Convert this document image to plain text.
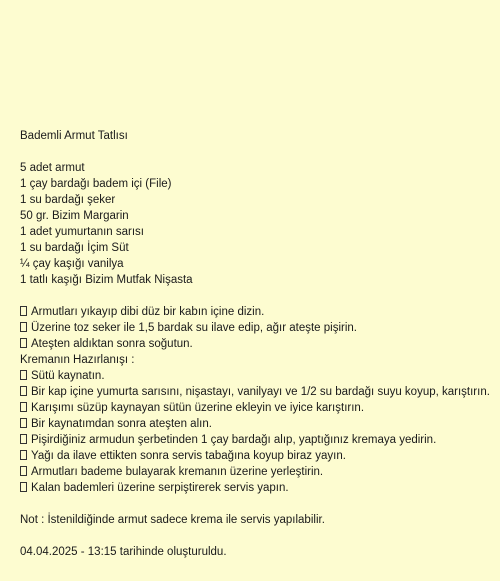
Bademli Armut Tatlısı
5 adet armut
1 çay bardağı badem içi (File)
1 su bardağı şeker
50 gr. Bizim Margarin
1 adet yumurtanın sarısı
1 su bardağı İçim Süt
¼ çay kaşığı vanilya
1 tatlı kaşığı Bizim Mutfak Nişasta
Armutları yıkayıp dibi düz bir kabın içine dizin.
Üzerine toz seker ile 1,5 bardak su ilave edip, ağır ateşte pişirin.
Ateşten aldıktan sonra soğutun.
Kremanın Hazırlanışı :
Sütü kaynatın.
Bir kap içine yumurta sarısını, nişastayı, vanilyayı ve 1/2 su bardağı suyu koyup, karıştırın.
Karışımı süzüp kaynayan sütün üzerine ekleyin ve iyice karıştırın.
Bir kaynatımdan sonra ateşten alın.
Pişirdiğiniz armudun şerbetinden 1 çay bardağı alıp, yaptığınız kremaya yedirin.
Yağı da ilave ettikten sonra servis tabağına koyup biraz yayın.
Armutları bademe bulayarak kremanın üzerine yerleştirin.
Kalan bademleri üzerine serpiştirerek servis yapın.
Not : İstenildiğinde armut sadece krema ile servis yapılabilir.
04.04.2025 - 13:15 tarihinde oluşturuldu.
